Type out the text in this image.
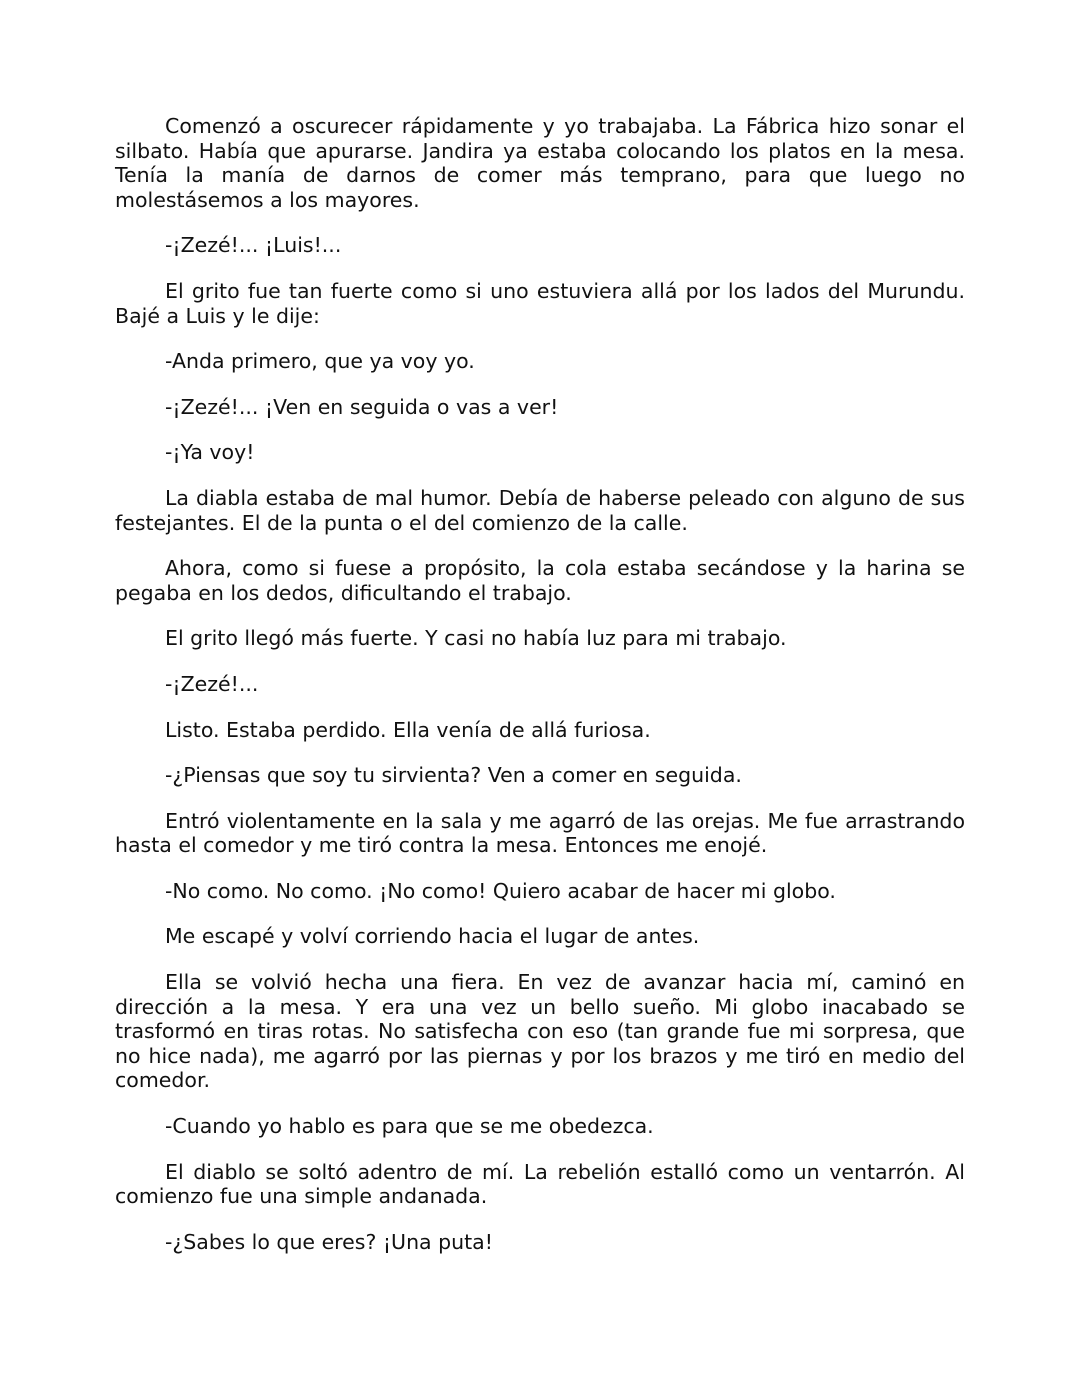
Comenzó a oscurecer rápidamente y yo trabajaba. La Fábrica hizo sonar el silbato. Había que apurarse. Jandira ya estaba colocando los platos en la mesa. Tenía la manía de darnos de comer más temprano, para que luego no molestásemos a los mayores.

-¡Zezé!... ¡Luis!...

El grito fue tan fuerte como si uno estuviera allá por los lados del Murundu. Bajé a Luis y le dije:

-Anda primero, que ya voy yo.

-¡Zezé!... ¡Ven en seguida o vas a ver!

-¡Ya voy!

La diabla estaba de mal humor. Debía de haberse peleado con alguno de sus festejantes. El de la punta o el del comienzo de la calle.

Ahora, como si fuese a propósito, la cola estaba secándose y la harina se pegaba en los dedos, dificultando el trabajo.

El grito llegó más fuerte. Y casi no había luz para mi trabajo.

-¡Zezé!...

Listo. Estaba perdido. Ella venía de allá furiosa.

-¿Piensas que soy tu sirvienta? Ven a comer en seguida.

Entró violentamente en la sala y me agarró de las orejas. Me fue arrastrando hasta el comedor y me tiró contra la mesa. Entonces me enojé.

-No como. No como. ¡No como! Quiero acabar de hacer mi globo.

Me escapé y volví corriendo hacia el lugar de antes.

Ella se volvió hecha una fiera. En vez de avanzar hacia mí, caminó en dirección a la mesa. Y era una vez un bello sueño. Mi globo inacabado se trasformó en tiras rotas. No satisfecha con eso (tan grande fue mi sorpresa, que no hice nada), me agarró por las piernas y por los brazos y me tiró en medio del comedor.

-Cuando yo hablo es para que se me obedezca.

El diablo se soltó adentro de mí. La rebelión estalló como un ventarrón. Al comienzo fue una simple andanada.

-¿Sabes lo que eres? ¡Una puta!
